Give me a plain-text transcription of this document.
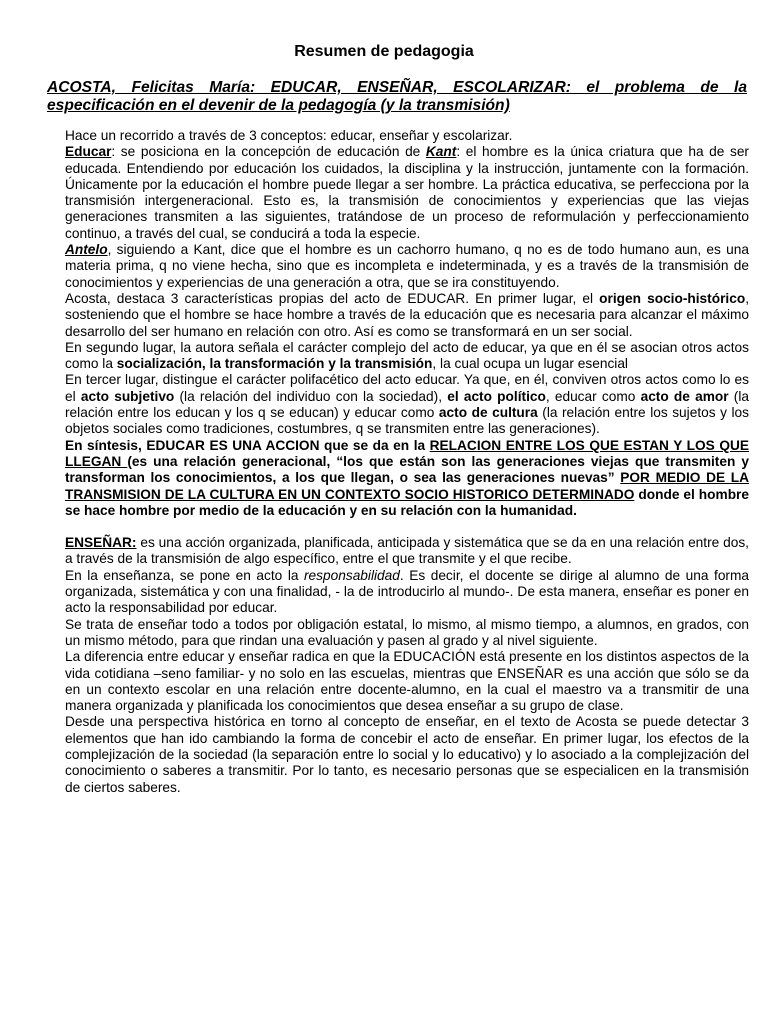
Resumen de pedagogia
ACOSTA, Felicitas María: EDUCAR, ENSEÑAR, ESCOLARIZAR: el problema de la especificación en el devenir de la pedagogía (y la transmisión)

Hace un recorrido a través de 3 conceptos: educar, enseñar y escolarizar.

Educar: se posiciona en la concepción de educación de Kant: el hombre es la única criatura que ha de ser educada. Entendiendo por educación los cuidados, la disciplina y la instrucción, juntamente con la formación. Únicamente por la educación el hombre puede llegar a ser hombre. La práctica educativa, se perfecciona por la transmisión intergeneracional. Esto es, la transmisión de conocimientos y experiencias que las viejas generaciones transmiten a las siguientes, tratándose de un proceso de reformulación y perfeccionamiento continuo, a través del cual, se conducirá a toda la especie.

Antelo, siguiendo a Kant, dice que el hombre es un cachorro humano, q no es de todo humano aun, es una materia prima, q no viene hecha, sino que es incompleta e indeterminada, y es a través de la transmisión de conocimientos y experiencias de una generación a otra, que se ira constituyendo.

Acosta, destaca 3 características propias del acto de EDUCAR. En primer lugar, el origen socio-histórico, sosteniendo que el hombre se hace hombre a través de la educación que es necesaria para alcanzar el máximo desarrollo del ser humano en relación con otro. Así es como se transformará en un ser social.

En segundo lugar, la autora señala el carácter complejo del acto de educar, ya que en él se asocian otros actos como la socialización, la transformación y la transmisión, la cual ocupa un lugar esencial

En tercer lugar, distingue el carácter polifacético del acto educar. Ya que, en él, conviven otros actos como lo es el acto subjetivo (la relación del individuo con la sociedad), el acto político, educar como acto de amor (la relación entre los educan y los q se educan) y educar como acto de cultura (la relación entre los sujetos y los objetos sociales como tradiciones, costumbres, q se transmiten entre las generaciones).

En síntesis, EDUCAR ES UNA ACCION que se da en la RELACION ENTRE LOS QUE ESTAN Y LOS QUE LLEGAN (es una relación generacional, “los que están son las generaciones viejas que transmiten y transforman los conocimientos, a los que llegan, o sea las generaciones nuevas” POR MEDIO DE LA TRANSMISION DE LA CULTURA EN UN CONTEXTO SOCIO HISTORICO DETERMINADO donde el hombre se hace hombre por medio de la educación y en su relación con la humanidad.

ENSEÑAR: es una acción organizada, planificada, anticipada y sistemática que se da en una relación entre dos, a través de la transmisión de algo específico, entre el que transmite y el que recibe.

En la enseñanza, se pone en acto la responsabilidad. Es decir, el docente se dirige al alumno de una forma organizada, sistemática y con una finalidad, - la de introducirlo al mundo-. De esta manera, enseñar es poner en acto la responsabilidad por educar.

Se trata de enseñar todo a todos por obligación estatal, lo mismo, al mismo tiempo, a alumnos, en grados, con un mismo método, para que rindan una evaluación y pasen al grado y al nivel siguiente.

La diferencia entre educar y enseñar radica en que la EDUCACIÓN está presente en los distintos aspectos de la vida cotidiana –seno familiar- y no solo en las escuelas, mientras que ENSEÑAR es una acción que sólo se da en un contexto escolar en una relación entre docente-alumno, en la cual el maestro va a transmitir de una manera organizada y planificada los conocimientos que desea enseñar a su grupo de clase.

Desde una perspectiva histórica en torno al concepto de enseñar, en el texto de Acosta se puede detectar 3 elementos que han ido cambiando la forma de concebir el acto de enseñar. En primer lugar, los efectos de la complejización de la sociedad (la separación entre lo social y lo educativo) y lo asociado a la complejización del conocimiento o saberes a transmitir. Por lo tanto, es necesario personas que se especialicen en la transmisión de ciertos saberes.
